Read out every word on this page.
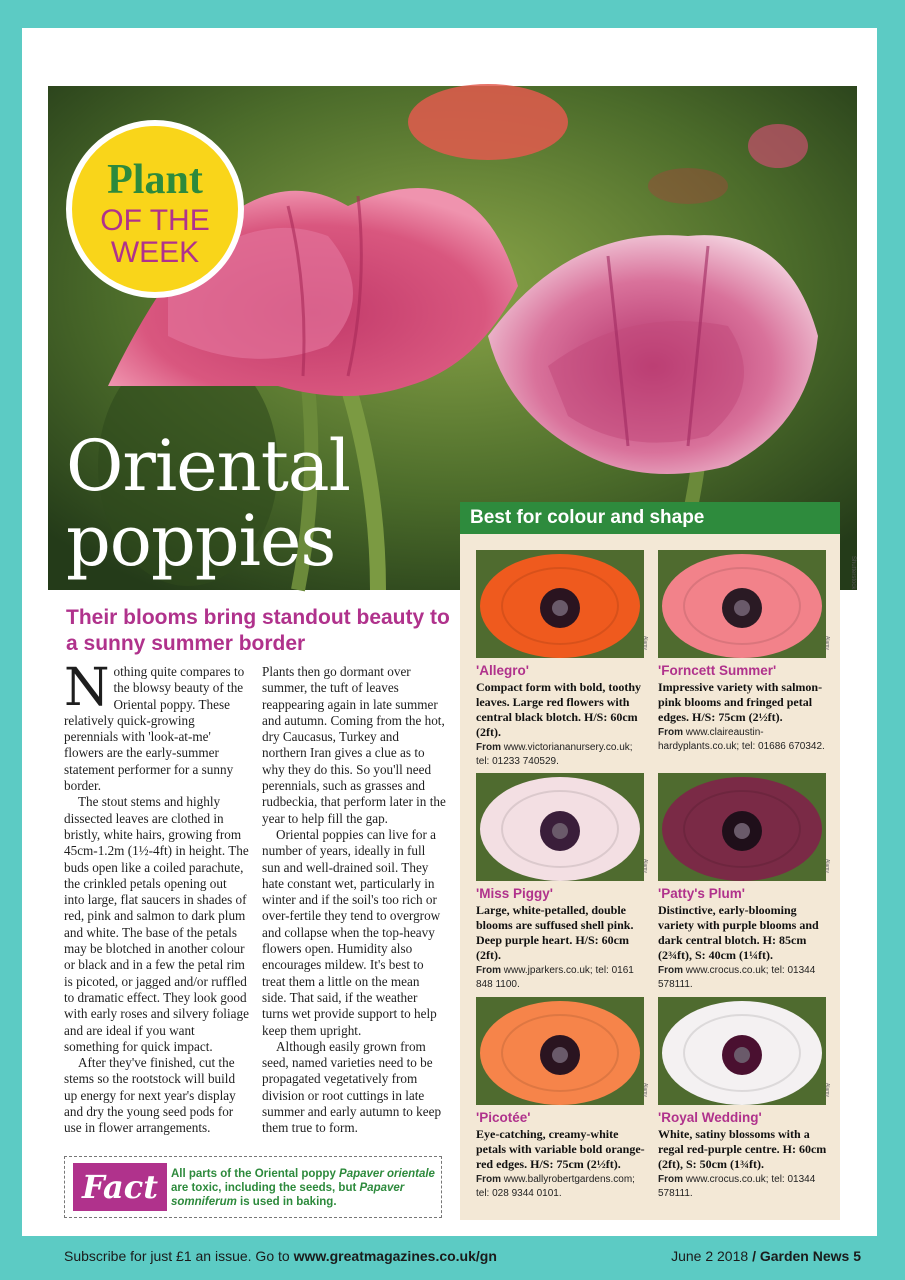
Shutterstock
Plant
OF THE
WEEK
Oriental
poppies
Their blooms bring standout beauty to a sunny summer border

Nothing quite compares to the blowsy beauty of the Oriental poppy. These relatively quick-growing perennials with 'look-at-me' flowers are the early-summer statement performer for a sunny border.

The stout stems and highly dissected leaves are clothed in bristly, white hairs, growing from 45cm-1.2m (1½-4ft) in height. The buds open like a coiled parachute, the crinkled petals opening out into large, flat saucers in shades of red, pink and salmon to dark plum and white. The base of the petals may be blotched in another colour or black and in a few the petal rim is picoted, or jagged and/or ruffled to dramatic effect. They look good with early roses and silvery foliage and are ideal if you want something for quick impact.

After they've finished, cut the stems so the rootstock will build up energy for next year's display and dry the young seed pods for use in flower arrangements.

Plants then go dormant over summer, the tuft of leaves reappearing again in late summer and autumn. Coming from the hot, dry Caucasus, Turkey and northern Iran gives a clue as to why they do this. So you'll need perennials, such as grasses and rudbeckia, that perform later in the year to help fill the gap.

Oriental poppies can live for a number of years, ideally in full sun and well-drained soil. They hate constant wet, particularly in winter and if the soil's too rich or over-fertile they tend to overgrow and collapse when the top-heavy flowers open. Humidity also encourages mildew. It's best to treat them a little on the mean side. That said, if the weather turns wet provide support to help keep them upright.

Although easily grown from seed, named varieties need to be propagated vegetatively from division or root cuttings in late summer and early autumn to keep them true to form.

Fact	All parts of the Oriental poppy Papaver orientale are toxic, including the seeds, but Papaver somniferum is used in baking.
Best for colour and shape
Alamy
'Allegro'
Compact form with bold, toothy leaves. Large red flowers with central black blotch. H/S: 60cm (2ft).
From www.victoriananursery.co.uk; tel: 01233 740529.
Alamy
'Forncett Summer'
Impressive variety with salmon-pink blooms and fringed petal edges. H/S: 75cm (2½ft).
From www.claireaustin-hardyplants.co.uk; tel: 01686 670342.
Alamy
'Miss Piggy'
Large, white-petalled, double blooms are suffused shell pink. Deep purple heart. H/S: 60cm (2ft).
From www.jparkers.co.uk; tel: 0161 848 1100.
Alamy
'Patty's Plum'
Distinctive, early-blooming variety with purple blooms and dark central blotch. H: 85cm (2¾ft), S: 40cm (1¼ft).
From www.crocus.co.uk; tel: 01344 578111.
Alamy
'Picotée'
Eye-catching, creamy-white petals with variable bold orange-red edges. H/S: 75cm (2½ft).
From www.ballyrobertgardens.com; tel: 028 9344 0101.
Alamy
'Royal Wedding'
White, satiny blossoms with a regal red-purple centre. H: 60cm (2ft), S: 50cm (1¾ft).
From www.crocus.co.uk; tel: 01344 578111.
Subscribe for just £1 an issue. Go to www.greatmagazines.co.uk/gn	June 2 2018 / Garden News 5
